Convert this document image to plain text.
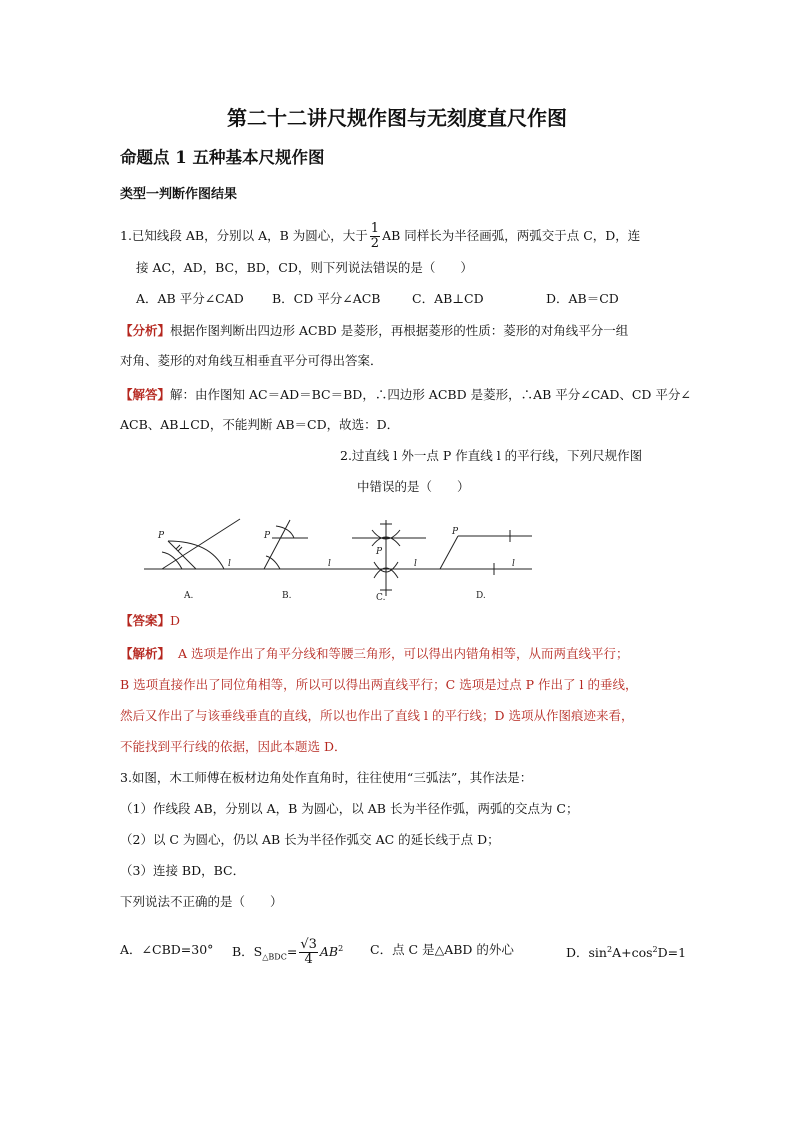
第二十二讲尺规作图与无刻度直尺作图
命题点 1 五种基本尺规作图
类型一判断作图结果
1.已知线段 AB，分别以 A，B 为圆心，大于 $\frac{1}{2}$ AB 同样长为半径画弧，两弧交于点 C，D，连
接 AC，AD，BC，BD，CD，则下列说法错误的是（　　）
A．AB 平分∠CAD B．CD 平分∠ACB	C．AB⊥CD	D．AB＝CD
【分析】根据作图判断出四边形 ACBD 是菱形，再根据菱形的性质：菱形的对角线平分一组
对角、菱形的对角线互相垂直平分可得出答案．
【解答】解：由作图知 AC＝AD＝BC＝BD，∴四边形 ACBD 是菱形，∴AB 平分∠CAD、CD 平分∠
ACB、AB⊥CD，不能判断 AB＝CD，故选：D．
2.过直线 l 外一点 P 作直线 l 的平行线，下列尺规作图
中错误的是（　　）
P
l
P
l
P
l
P
l
A.	B.	C.	D.
【答案】D
【解析】 A 选项是作出了角平分线和等腰三角形，可以得出内错角相等，从而两直线平行；
B 选项直接作出了同位角相等，所以可以得出两直线平行；C 选项是过点 P 作出了 l 的垂线，
然后又作出了与该垂线垂直的直线，所以也作出了直线 l 的平行线；D 选项从作图痕迹来看，
不能找到平行线的依据，因此本题选 D．
3.如图，木工师傅在板材边角处作直角时，往往使用“三弧法”，其作法是：
（1）作线段 AB，分别以 A，B 为圆心，以 AB 长为半径作弧，两弧的交点为 C；
（2）以 C 为圆心，仍以 AB 长为半径作弧交 AC 的延长线于点 D；
（3）连接 BD，BC．
下列说法不正确的是（　　）
A．∠CBD=30° B．$S_{\triangle BDC}= \frac{√3}{4} AB^2$ C．点 C 是△ABD 的外心	D．$\sin^2A+\cos^2D=1$
